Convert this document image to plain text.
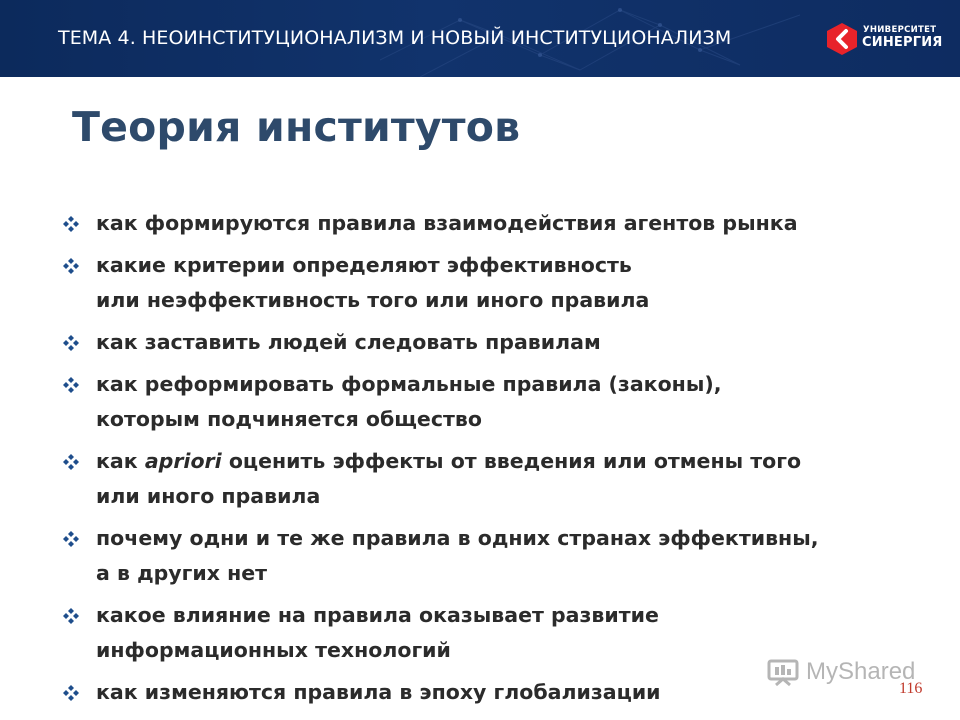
ТЕМА 4. НЕОИНСТИТУЦИОНАЛИЗМ И НОВЫЙ ИНСТИТУЦИОНАЛИЗМ	УНИВЕРСИТЕТ
СИНЕРГИЯ
Теория институтов
как формируются правила взаимодействия агентов рынка
какие критерии определяют эффективность
или неэффективность того или иного правила
как заставить людей следовать правилам
как реформировать формальные правила (законы),
которым подчиняется общество
как apriori оценить эффекты от введения или отмены того
или иного правила
почему одни и те же правила в одних странах эффективны,
а в других нет
какое влияние на правила оказывает развитие
информационных технологий
как изменяются правила в эпоху глобализации
MyShared
116
